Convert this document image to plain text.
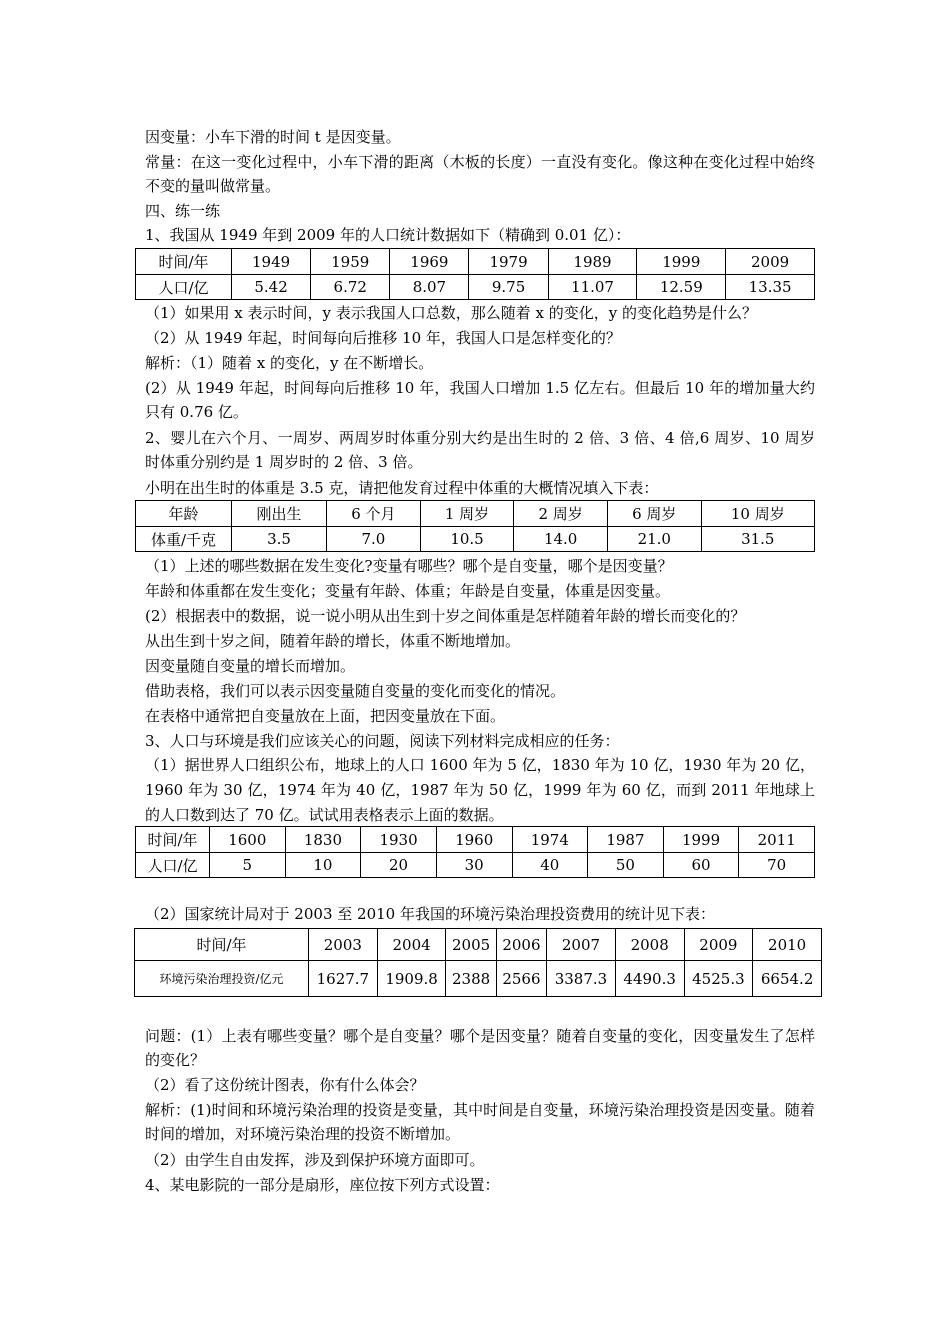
因变量：小车下滑的时间 t 是因变量。
常量：在这一变化过程中，小车下滑的距离（木板的长度）一直没有变化。像这种在变化过程中始终不变的量叫做常量。
四、练一练
1、我国从 1949 年到 2009 年的人口统计数据如下（精确到 0.01 亿）：
时间/年	1949	1959	1969	1979	1989	1999	2009
人口/亿	5.42	6.72	8.07	9.75	11.07	12.59	13.35
（1）如果用 x 表示时间，y 表示我国人口总数，那么随着 x 的变化，y 的变化趋势是什么？
（2）从 1949 年起，时间每向后推移 10 年，我国人口是怎样变化的？
解析：（1）随着 x 的变化，y 在不断增长。
(2）从 1949 年起，时间每向后推移 10 年，我国人口增加 1.5 亿左右。但最后 10 年的增加量大约只有 0.76 亿。
2、婴儿在六个月、一周岁、两周岁时体重分别大约是出生时的 2 倍、3 倍、4 倍,6 周岁、10 周岁时体重分别约是 1 周岁时的 2 倍、3 倍。
小明在出生时的体重是 3.5 克，请把他发育过程中体重的大概情况填入下表：
年龄	刚出生	6 个月	1 周岁	2 周岁	6 周岁	10 周岁
体重/千克	3.5	7.0	10.5	14.0	21.0	31.5
（1）上述的哪些数据在发生变化?变量有哪些？哪个是自变量，哪个是因变量？
年龄和体重都在发生变化；变量有年龄、体重；年龄是自变量，体重是因变量。
(2）根据表中的数据，说一说小明从出生到十岁之间体重是怎样随着年龄的增长而变化的？
从出生到十岁之间，随着年龄的增长，体重不断地增加。
因变量随自变量的增长而增加。
借助表格，我们可以表示因变量随自变量的变化而变化的情况。
在表格中通常把自变量放在上面，把因变量放在下面。
3、人口与环境是我们应该关心的问题，阅读下列材料完成相应的任务：
（1）据世界人口组织公布，地球上的人口 1600 年为 5 亿，1830 年为 10 亿，1930 年为 20 亿，1960 年为 30 亿，1974 年为 40 亿，1987 年为 50 亿，1999 年为 60 亿，而到 2011 年地球上的人口数到达了 70 亿。试试用表格表示上面的数据。
时间/年	1600	1830	1930	1960	1974	1987	1999	2011
人口/亿	5	10	20	30	40	50	60	70
（2）国家统计局对于 2003 至 2010 年我国的环境污染治理投资费用的统计见下表：
时间/年	2003	2004	2005	2006	2007	2008	2009	2010
环境污染治理投资/亿元	1627.7	1909.8	2388	2566	3387.3	4490.3	4525.3	6654.2
问题：(1）上表有哪些变量？哪个是自变量？哪个是因变量？随着自变量的变化，因变量发生了怎样的变化？
（2）看了这份统计图表，你有什么体会？
解析：(1)时间和环境污染治理的投资是变量，其中时间是自变量，环境污染治理投资是因变量。随着时间的增加，对环境污染治理的投资不断增加。
（2）由学生自由发挥，涉及到保护环境方面即可。
4、某电影院的一部分是扇形，座位按下列方式设置：
